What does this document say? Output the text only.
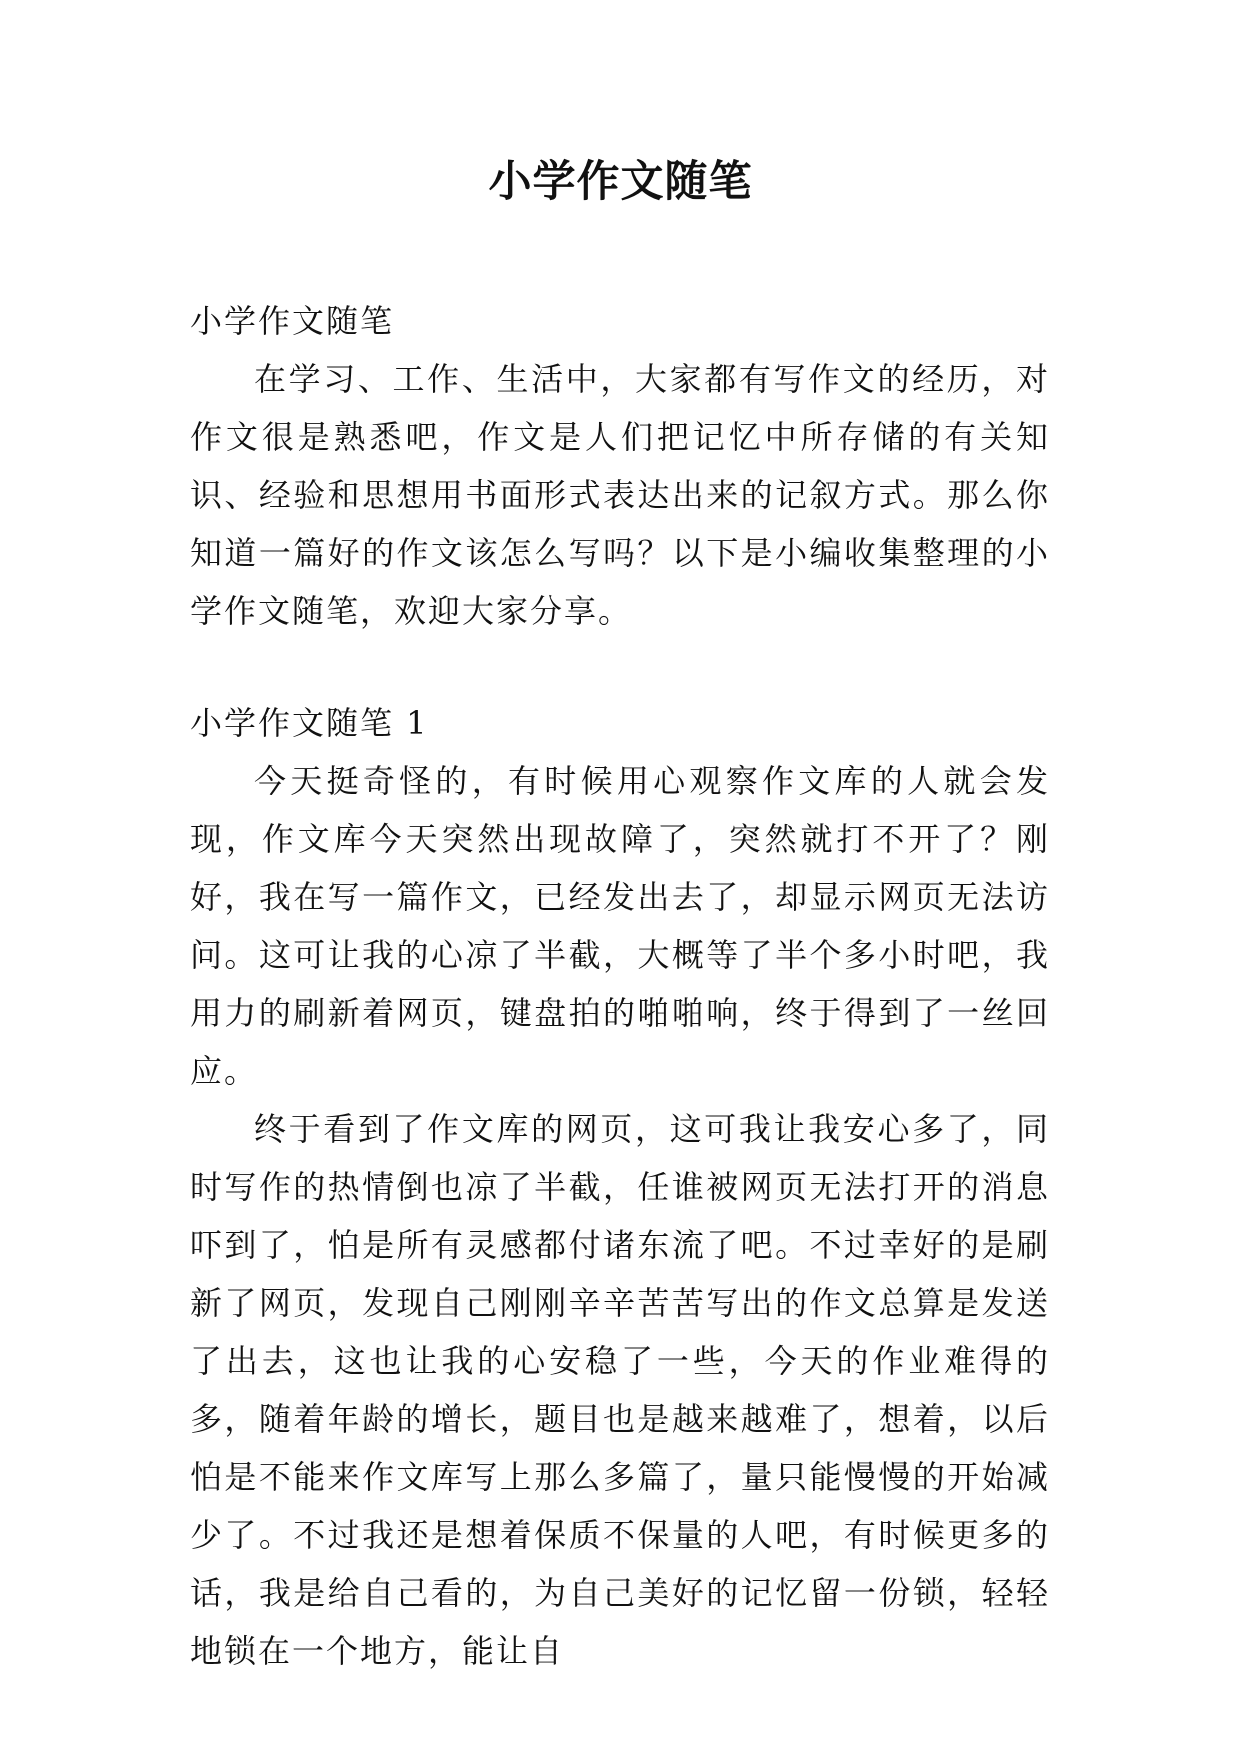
小学作文随笔

小学作文随笔

在学习、工作、生活中，大家都有写作文的经历，对作文很是熟悉吧，作文是人们把记忆中所存储的有关知识、经验和思想用书面形式表达出来的记叙方式。那么你知道一篇好的作文该怎么写吗？以下是小编收集整理的小学作文随笔，欢迎大家分享。

小学作文随笔 1

今天挺奇怪的，有时候用心观察作文库的人就会发现，作文库今天突然出现故障了，突然就打不开了？刚好，我在写一篇作文，已经发出去了，却显示网页无法访问。这可让我的心凉了半截，大概等了半个多小时吧，我用力的刷新着网页，键盘拍的啪啪响，终于得到了一丝回应。

终于看到了作文库的网页，这可我让我安心多了，同时写作的热情倒也凉了半截，任谁被网页无法打开的消息吓到了，怕是所有灵感都付诸东流了吧。不过幸好的是刷新了网页，发现自己刚刚辛辛苦苦写出的作文总算是发送了出去，这也让我的心安稳了一些，今天的作业难得的多，随着年龄的增长，题目也是越来越难了，想着，以后怕是不能来作文库写上那么多篇了，量只能慢慢的开始减少了。不过我还是想着保质不保量的人吧，有时候更多的话，我是给自己看的，为自己美好的记忆留一份锁，轻轻地锁在一个地方，能让自
